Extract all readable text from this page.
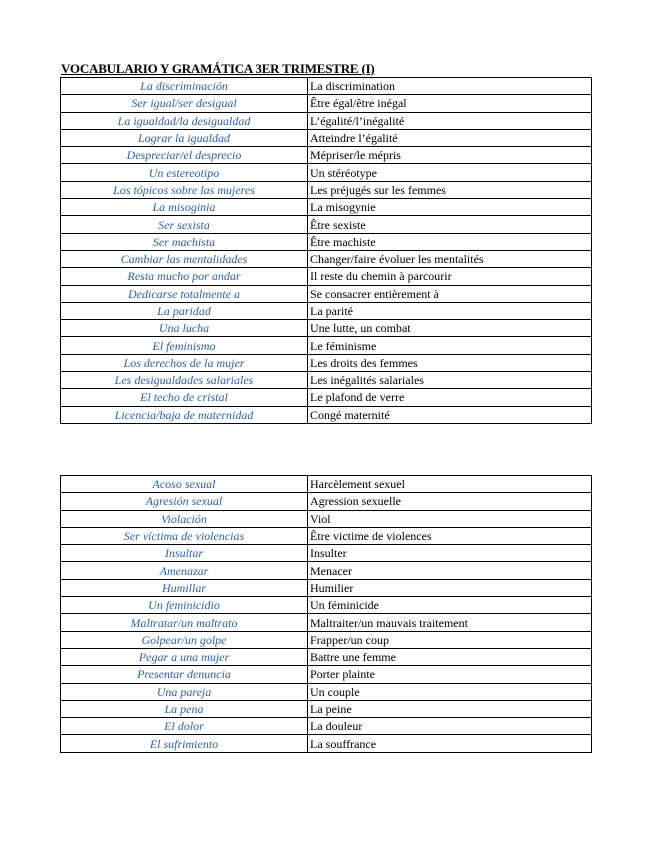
VOCABULARIO Y GRAMÁTICA 3ER TRIMESTRE (I)
La discriminación	La discrimination
Ser igual/ser desigual	Être égal/être inégal
La igualdad/la desigualdad	L’égalité/l’inégalité
Lograr la igualdad	Atteindre l’égalité
Despreciar/el desprecio	Mépriser/le mépris
Un estereotipo	Un stéréotype
Los tópicos sobre las mujeres	Les préjugés sur les femmes
La misoginia	La misogynie
Ser sexista	Être sexiste
Ser machista	Être machiste
Cambiar las mentalidades	Changer/faire évoluer les mentalités
Resta mucho por andar	Il reste du chemin à parcourir
Dedicarse totalmente a	Se consacrer entièrement à
La paridad	La parité
Una lucha	Une lutte, un combat
El feminismo	Le féminisme
Los derechos de la mujer	Les droits des femmes
Les desigualdades salariales	Les inégalités salariales
El techo de cristal	Le plafond de verre
Licencia/baja de maternidad	Congé maternité
Acoso sexual	Harcèlement sexuel
Agresión sexual	Agression sexuelle
Violación	Viol
Ser víctima de violencias	Être victime de violences
Insultar	Insulter
Amenazar	Menacer
Humillar	Humilier
Un feminicidio	Un féminicide
Maltratar/un maltrato	Maltraiter/un mauvais traitement
Golpear/un golpe	Frapper/un coup
Pegar a una mujer	Battre une femme
Presentar denuncia	Porter plainte
Una pareja	Un couple
La pena	La peine
El dolor	La douleur
El sufrimiento	La souffrance
